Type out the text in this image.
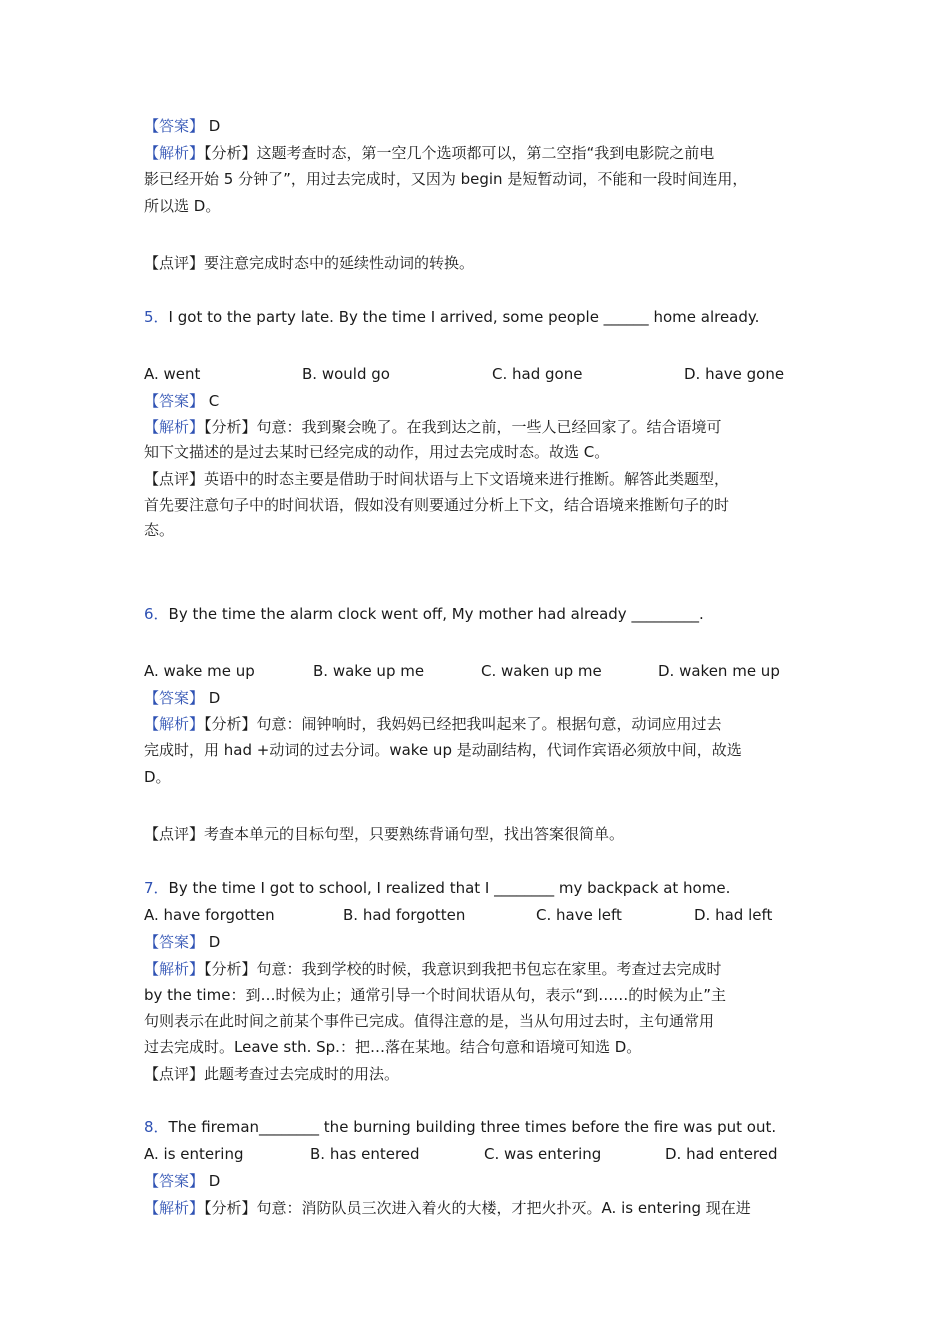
【答案】 D
【解析】【分析】这题考查时态，第一空几个选项都可以，第二空指“我到电影院之前电
影已经开始 5 分钟了”，用过去完成时，又因为 begin 是短暂动词，不能和一段时间连用，
所以选 D。
【点评】要注意完成时态中的延续性动词的转换。
5．I got to the party late. By the time I arrived, some people ______ home already.
A. went	B. would go	C. had gone	D. have gone
【答案】 C
【解析】【分析】句意：我到聚会晚了。在我到达之前，一些人已经回家了。结合语境可
知下文描述的是过去某时已经完成的动作，用过去完成时态。故选 C。
【点评】英语中的时态主要是借助于时间状语与上下文语境来进行推断。解答此类题型，
首先要注意句子中的时间状语，假如没有则要通过分析上下文，结合语境来推断句子的时
态。
6．By the time the alarm clock went off, My mother had already _________.
A. wake me up	B. wake up me	C. waken up me	D. waken me up
【答案】 D
【解析】【分析】句意：闹钟响时，我妈妈已经把我叫起来了。根据句意，动词应用过去
完成时，用 had +动词的过去分词。wake up 是动副结构，代词作宾语必须放中间，故选
D。
【点评】考查本单元的目标句型，只要熟练背诵句型，找出答案很简单。
7．By the time I got to school, I realized that I ________ my backpack at home.
A. have forgotten	B. had forgotten	C. have left	D. had left
【答案】 D
【解析】【分析】句意：我到学校的时候，我意识到我把书包忘在家里。考查过去完成时
by the time：到…时候为止；通常引导一个时间状语从句，表示“到……的时候为止”主
句则表示在此时间之前某个事件已完成。值得注意的是，当从句用过去时，主句通常用
过去完成时。Leave sth. Sp.：把…落在某地。结合句意和语境可知选 D。
【点评】此题考查过去完成时的用法。
8．The fireman________ the burning building three times before the fire was put out.
A. is entering	B. has entered	C. was entering	D. had entered
【答案】 D
【解析】【分析】句意：消防队员三次进入着火的大楼，才把火扑灭。A. is entering 现在进
